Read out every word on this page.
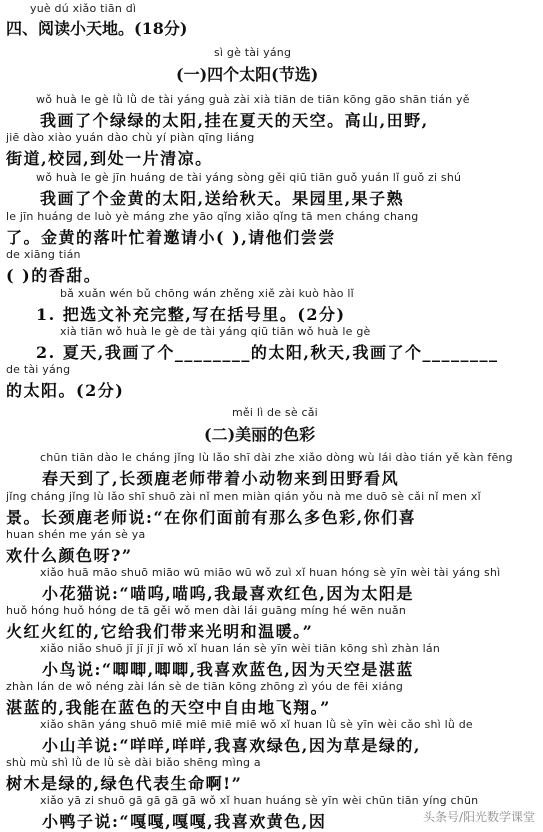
yuè dú xiǎo tiān dì
四、阅读小天地。(18分)
sì gè tài yáng
(一)四个太阳(节选)
wǒ huà le gè lǜ lǜ de tài yáng guà zài xià tiān de tiān kōng gāo shān tián yě
我画了个绿绿的太阳,挂在夏天的天空。高山,田野,
jiē dào xiào yuán dào chù yí piàn qīng liáng
街道,校园,到处一片清凉。
wǒ huà le gè jīn huáng de tài yáng sòng gěi qiū tiān guǒ yuán lǐ guǒ zi shú
我画了个金黄的太阳,送给秋天。果园里,果子熟
le jīn huáng de luò yè máng zhe yāo qǐng xiǎo qǐng tā men cháng chang
了。金黄的落叶忙着邀请小( ),请他们尝尝
de xiāng tián
( )的香甜。
bǎ xuǎn wén bǔ chōng wán zhěng xiě zài kuò hào lǐ
1. 把选文补充完整,写在括号里。(2分)
xià tiān wǒ huà le gè de tài yáng qiū tiān wǒ huà le gè
2. 夏天,我画了个________的太阳,秋天,我画了个________
de tài yáng
的太阳。(2分)
měi lì de sè cǎi
(二)美丽的色彩
chūn tiān dào le cháng jǐng lù lǎo shī dài zhe xiǎo dòng wù lái dào tián yě kàn fēng
春天到了,长颈鹿老师带着小动物来到田野看风
jǐng cháng jǐng lù lǎo shī shuō zài nǐ men miàn qián yǒu nà me duō sè cǎi nǐ men xǐ
景。长颈鹿老师说:“在你们面前有那么多色彩,你们喜
huan shén me yán sè ya
欢什么颜色呀?”
xiǎo huā māo shuō miāo wū miāo wū wǒ zuì xǐ huan hóng sè yīn wèi tài yáng shì
小花猫说:“喵呜,喵呜,我最喜欢红色,因为太阳是
huǒ hóng huǒ hóng de tā gěi wǒ men dài lái guāng míng hé wēn nuǎn
火红火红的,它给我们带来光明和温暖。”
xiǎo niǎo shuō jī jī jī jī wǒ xǐ huan lán sè yīn wèi tiān kōng shì zhàn lán
小鸟说:“唧唧,唧唧,我喜欢蓝色,因为天空是湛蓝
zhàn lán de wǒ néng zài lán sè de tiān kōng zhōng zì yóu de fēi xiáng
湛蓝的,我能在蓝色的天空中自由地飞翔。”
xiǎo shān yáng shuō miē miē miē miē wǒ xǐ huan lǜ sè yīn wèi cǎo shì lǜ de
小山羊说:“咩咩,咩咩,我喜欢绿色,因为草是绿的,
shù mù shì lǜ de lǜ sè dài biǎo shēng mìng a
树木是绿的,绿色代表生命啊!”
xiǎo yā zi shuō gā gā gā gā wǒ xǐ huan huáng sè yīn wèi chūn tiān yíng chūn
小鸭子说:“嘎嘎,嘎嘎,我喜欢黄色,因	头条号/阳光数学课堂
